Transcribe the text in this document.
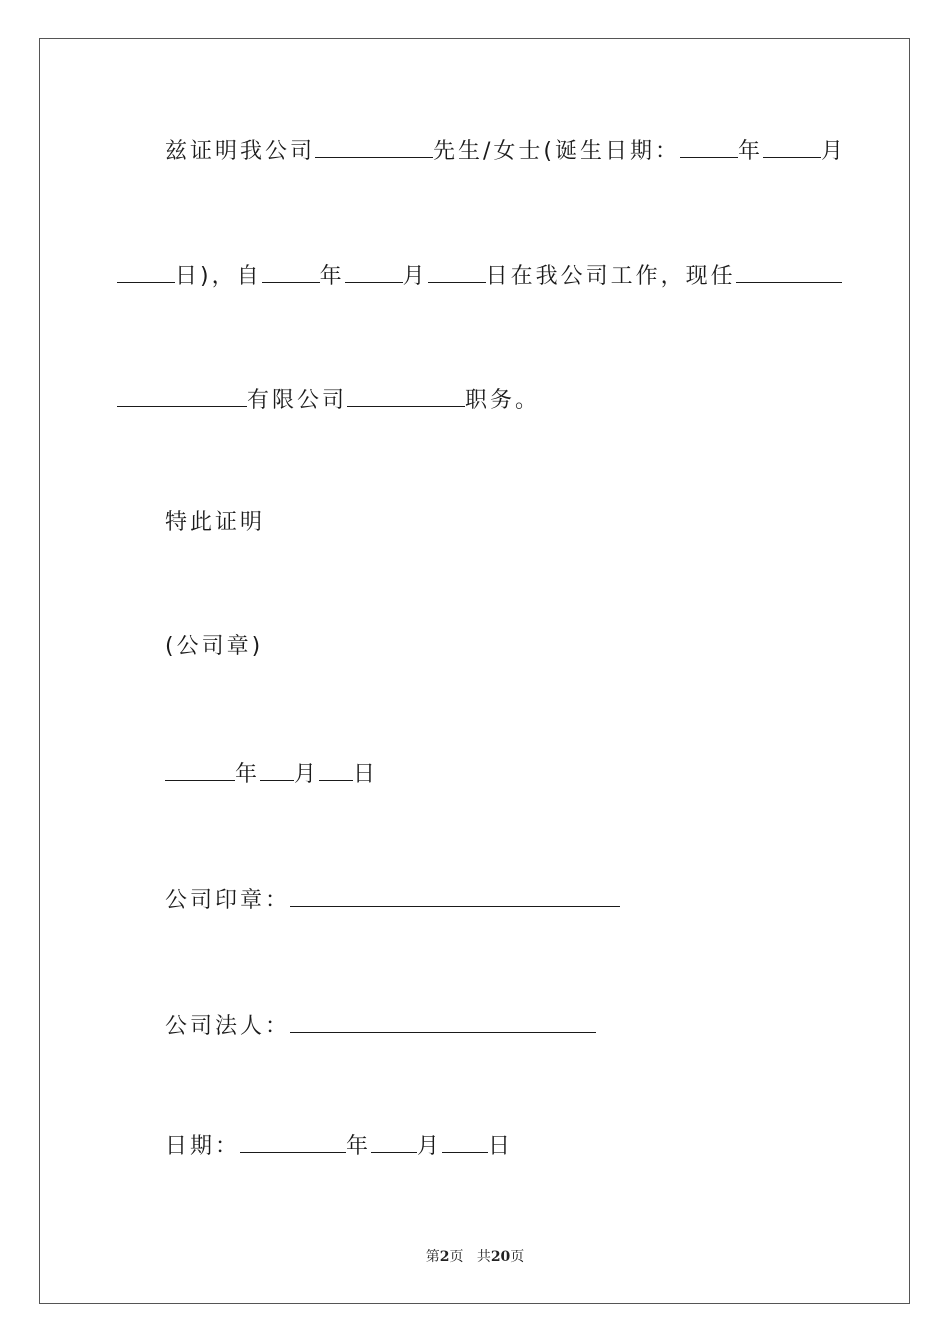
兹证明我公司	先生/女士(诞生日期：	年	月
日)，自	年	月	日在我公司工作，现任
有限公司	职务。
特此证明
(公司章)
年 月 日
公司印章：
公司法人：
日期：	年 月 日
第2页 共20页
